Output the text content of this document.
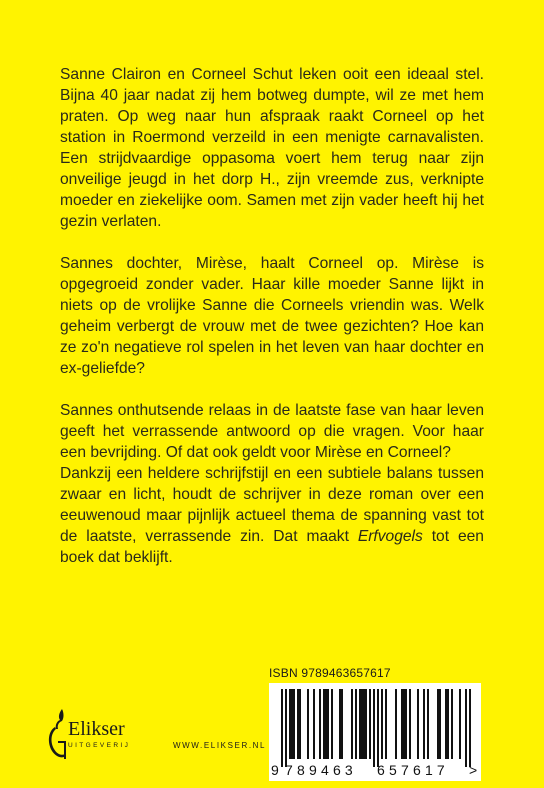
Sanne Clairon en Corneel Schut leken ooit een ideaal stel. Bijna 40 jaar nadat zij hem botweg dumpte, wil ze met hem praten. Op weg naar hun afspraak raakt Corneel op het station in Roermond verzeild in een menigte carnavalisten. Een strijdvaardige oppasoma voert hem terug naar zijn onveilige jeugd in het dorp H., zijn vreemde zus, verknipte moeder en ziekelijke oom. Samen met zijn vader heeft hij het gezin verlaten.

Sannes dochter, Mirèse, haalt Corneel op. Mirèse is opgegroeid zonder vader. Haar kille moeder Sanne lijkt in niets op de vrolijke Sanne die Corneels vriendin was. Welk geheim verbergt de vrouw met de twee gezichten? Hoe kan ze zo'n negatieve rol spelen in het leven van haar dochter en ex-geliefde?

Sannes onthutsende relaas in de laatste fase van haar leven geeft het verrassende antwoord op die vragen. Voor haar een bevrijding. Of dat ook geldt voor Mirèse en Corneel?

Dankzij een heldere schrijfstijl en een subtiele balans tussen zwaar en licht, houdt de schrijver in deze roman over een eeuwenoud maar pijnlijk actueel thema de spanning vast tot de laatste, verrassende zin. Dat maakt Erfvogels tot een boek dat beklijft.

ISBN 9789463657617
9 789463 657617 >
Elikser
UITGEVERIJ	WWW.ELIKSER.NL
